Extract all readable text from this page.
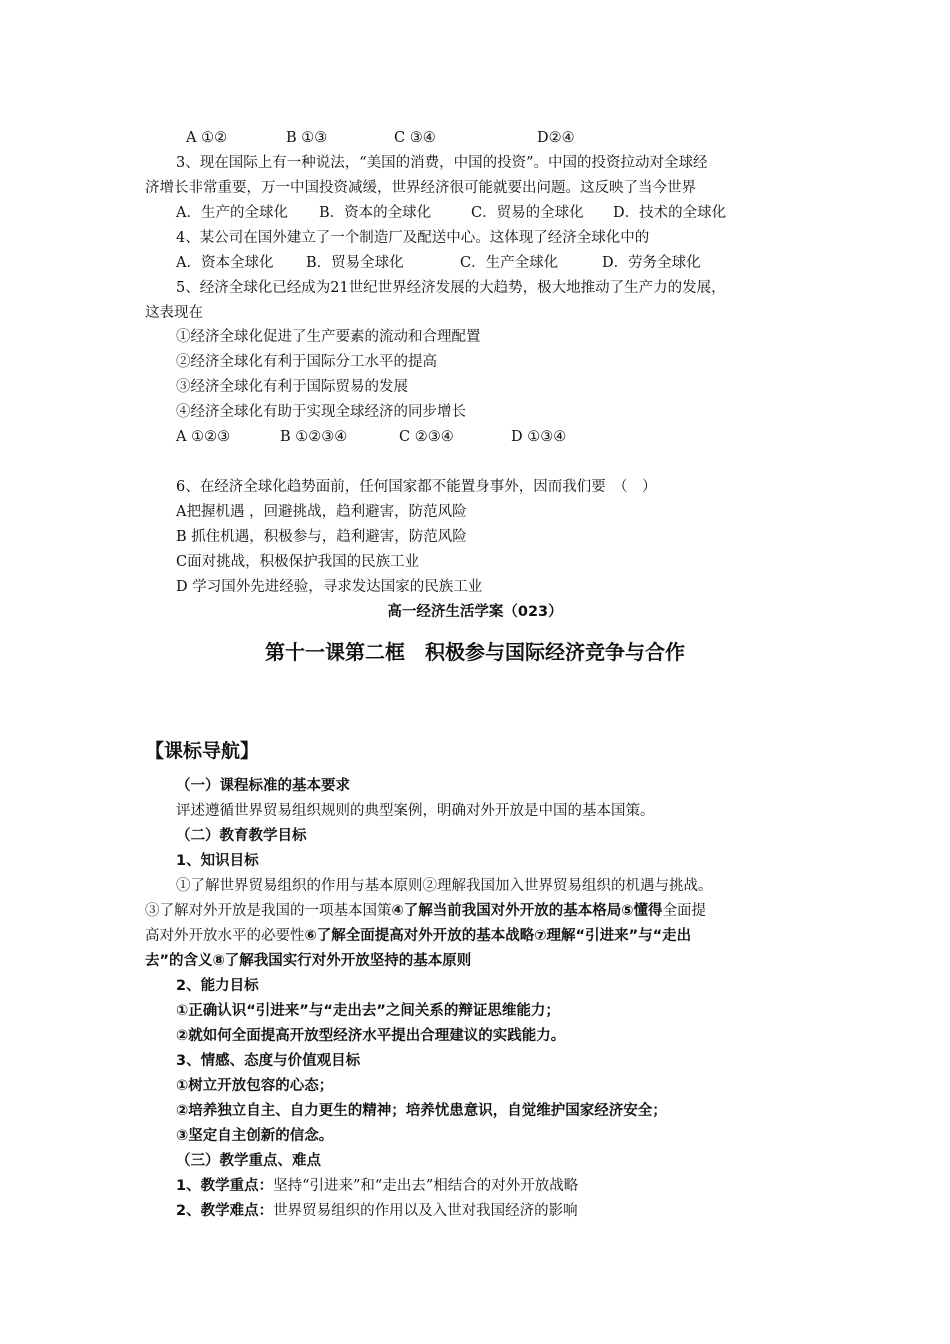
A ①②	B ①③	C ③④	D②④
3、现在国际上有一种说法，“美国的消费，中国的投资”。中国的投资拉动对全球经
济增长非常重要，万一中国投资减缓，世界经济很可能就要出问题。这反映了当今世界
A．生产的全球化 B．资本的全球化	C．贸易的全球化 D．技术的全球化
4、某公司在国外建立了一个制造厂及配送中心。这体现了经济全球化中的
A．资本全球化 B．贸易全球化	C．生产全球化	D．劳务全球化
5、经济全球化已经成为21世纪世界经济发展的大趋势，极大地推动了生产力的发展，
这表现在
①经济全球化促进了生产要素的流动和合理配置
②经济全球化有利于国际分工水平的提高
③经济全球化有利于国际贸易的发展
④经济全球化有助于实现全球经济的同步增长
A ①②③	B ①②③④	C ②③④	D ①③④
6、在经济全球化趋势面前，任何国家都不能置身事外，因而我们要　（　）
A把握机遇 ，回避挑战，趋利避害，防范风险
B 抓住机遇，积极参与，趋利避害，防范风险
C面对挑战，积极保护我国的民族工业
D 学习国外先进经验，寻求发达国家的民族工业
高一经济生活学案（023）
第十一课第二框　积极参与国际经济竞争与合作
【课标导航】
（一）课程标准的基本要求
评述遵循世界贸易组织规则的典型案例，明确对外开放是中国的基本国策。
（二）教育教学目标
1、知识目标
①了解世界贸易组织的作用与基本原则②理解我国加入世界贸易组织的机遇与挑战。
③了解对外开放是我国的一项基本国策④了解当前我国对外开放的基本格局⑤懂得全面提
高对外开放水平的必要性⑥了解全面提高对外开放的基本战略⑦理解“引进来”与“走出
去”的含义⑧了解我国实行对外开放坚持的基本原则
2、能力目标
①正确认识“引进来”与“走出去”之间关系的辩证思维能力；
②就如何全面提高开放型经济水平提出合理建议的实践能力。
3、情感、态度与价值观目标
①树立开放包容的心态；
②培养独立自主、自力更生的精神；培养忧患意识，自觉维护国家经济安全；
③坚定自主创新的信念。
（三）教学重点、难点
1、教学重点：坚持“引进来”和“走出去”相结合的对外开放战略
2、教学难点：世界贸易组织的作用以及入世对我国经济的影响
